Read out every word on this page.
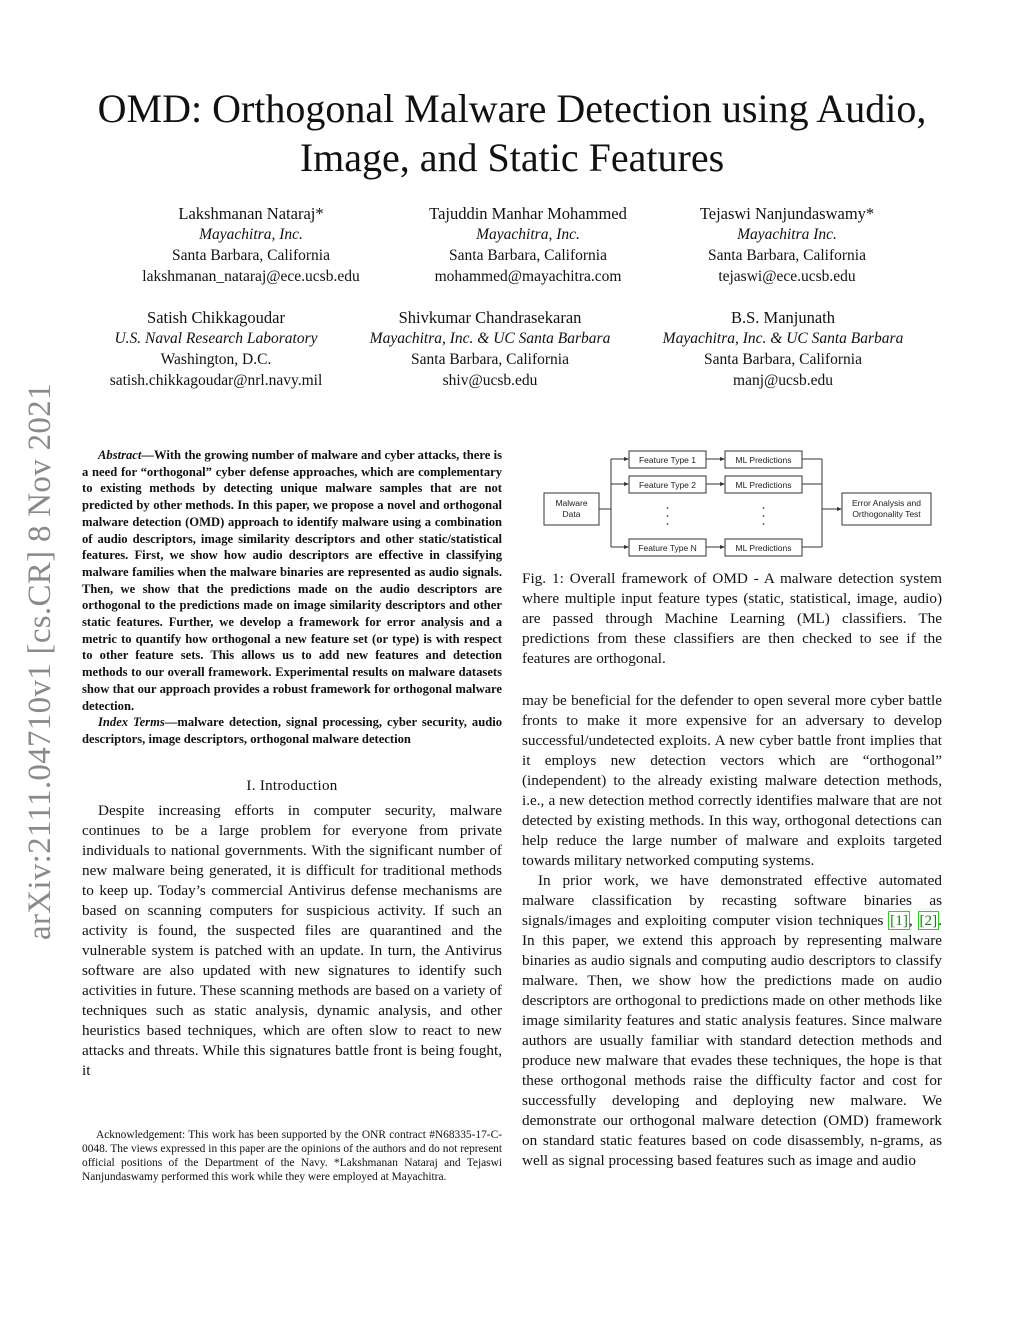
arXiv:2111.04710v1 [cs.CR] 8 Nov 2021
OMD: Orthogonal Malware Detection using Audio, Image, and Static Features
Lakshmanan Nataraj*
Mayachitra, Inc.
Santa Barbara, California
lakshmanan_nataraj@ece.ucsb.edu
Tajuddin Manhar Mohammed
Mayachitra, Inc.
Santa Barbara, California
mohammed@mayachitra.com
Tejaswi Nanjundaswamy*
Mayachitra Inc.
Santa Barbara, California
tejaswi@ece.ucsb.edu
Satish Chikkagoudar
U.S. Naval Research Laboratory
Washington, D.C.
satish.chikkagoudar@nrl.navy.mil
Shivkumar Chandrasekaran
Mayachitra, Inc. & UC Santa Barbara
Santa Barbara, California
shiv@ucsb.edu
B.S. Manjunath
Mayachitra, Inc. & UC Santa Barbara
Santa Barbara, California
manj@ucsb.edu

Abstract—With the growing number of malware and cyber attacks, there is a need for “orthogonal” cyber defense approaches, which are complementary to existing methods by detecting unique malware samples that are not predicted by other methods. In this paper, we propose a novel and orthogonal malware detection (OMD) approach to identify malware using a combination of audio descriptors, image similarity descriptors and other static/statistical features. First, we show how audio descriptors are effective in classifying malware families when the malware binaries are represented as audio signals. Then, we show that the predictions made on the audio descriptors are orthogonal to the predictions made on image similarity descriptors and other static features. Further, we develop a framework for error analysis and a metric to quantify how orthogonal a new feature set (or type) is with respect to other feature sets. This allows us to add new features and detection methods to our overall framework. Experimental results on malware datasets show that our approach provides a robust framework for orthogonal malware detection.

Index Terms—malware detection, signal processing, cyber security, audio descriptors, image descriptors, orthogonal malware detection

I. Introduction

Despite increasing efforts in computer security, malware continues to be a large problem for everyone from private individuals to national governments. With the significant number of new malware being generated, it is difficult for traditional methods to keep up. Today’s commercial Antivirus defense mechanisms are based on scanning computers for suspicious activity. If such an activity is found, the suspected files are quarantined and the vulnerable system is patched with an update. In turn, the Antivirus software are also updated with new signatures to identify such activities in future. These scanning methods are based on a variety of techniques such as static analysis, dynamic analysis, and other heuristics based techniques, which are often slow to react to new attacks and threats. While this signatures battle front is being fought, it

Acknowledgement: This work has been supported by the ONR contract #N68335-17-C-0048. The views expressed in this paper are the opinions of the authors and do not represent official positions of the Department of the Navy. *Lakshmanan Nataraj and Tejaswi Nanjundaswamy performed this work while they were employed at Mayachitra.

Malware
Data
Feature Type 1
Feature Type 2
Feature Type N
ML Predictions
ML Predictions
ML Predictions
Error Analysis and
Orthogonality Test

Fig. 1: Overall framework of OMD - A malware detection system where multiple input feature types (static, statistical, image, audio) are passed through Machine Learning (ML) classifiers. The predictions from these classifiers are then checked to see if the features are orthogonal.

may be beneficial for the defender to open several more cyber battle fronts to make it more expensive for an adversary to develop successful/undetected exploits. A new cyber battle front implies that it employs new detection vectors which are “orthogonal” (independent) to the already existing malware detection methods, i.e., a new detection method correctly identifies malware that are not detected by existing methods. In this way, orthogonal detections can help reduce the large number of malware and exploits targeted towards military networked computing systems.

In prior work, we have demonstrated effective automated malware classification by recasting software binaries as signals/images and exploiting computer vision techniques [1], [2]. In this paper, we extend this approach by representing malware binaries as audio signals and computing audio descriptors to classify malware. Then, we show how the predictions made on audio descriptors are orthogonal to predictions made on other methods like image similarity features and static analysis features. Since malware authors are usually familiar with standard detection methods and produce new malware that evades these techniques, the hope is that these orthogonal methods raise the difficulty factor and cost for successfully developing and deploying new malware. We demonstrate our orthogonal malware detection (OMD) framework on standard static features based on code disassembly, n-grams, as well as signal processing based features such as image and audio
